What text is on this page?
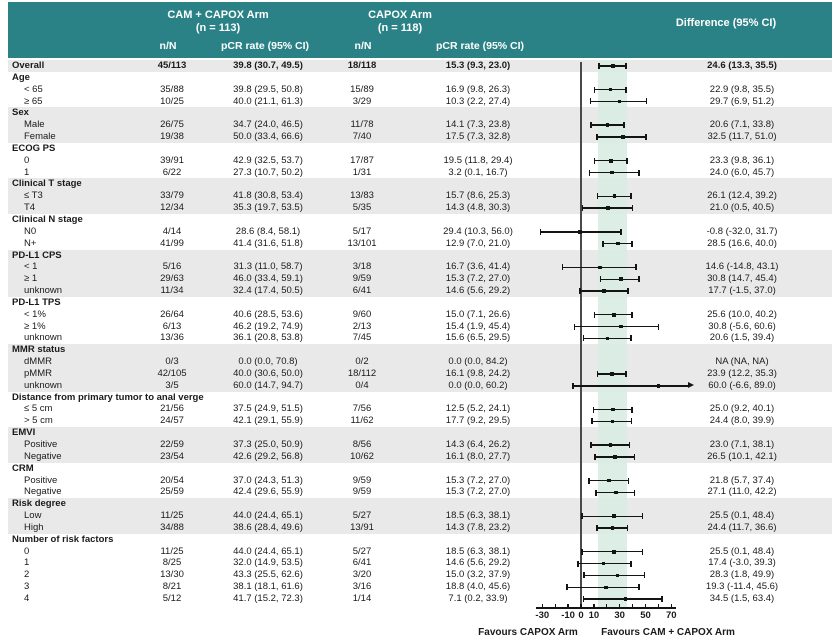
CAM + CAPOX Arm
(n = 113)
CAPOX Arm
(n = 118)
n/N	pCR rate (95% CI)	n/N	pCR rate (95% CI)
Difference (95% CI)
Overall	45/113	39.8 (30.7, 49.5)	18/118	15.3 (9.3, 23.0)	24.6 (13.3, 35.5)
Age
< 65	35/88	39.8 (29.5, 50.8)	15/89	16.9 (9.8, 26.3)	22.9 (9.8, 35.5)
≥ 65	10/25	40.0 (21.1, 61.3)	3/29	10.3 (2.2, 27.4)	29.7 (6.9, 51.2)
Sex
Male	26/75	34.7 (24.0, 46.5)	11/78	14.1 (7.3, 23.8)	20.6 (7.1, 33.8)
Female	19/38	50.0 (33.4, 66.6)	7/40	17.5 (7.3, 32.8)	32.5 (11.7, 51.0)
ECOG PS
0	39/91	42.9 (32.5, 53.7)	17/87	19.5 (11.8, 29.4)	23.3 (9.8, 36.1)
1	6/22	27.3 (10.7, 50.2)	1/31	3.2 (0.1, 16.7)	24.0 (6.0, 45.7)
Clinical T stage
≤ T3	33/79	41.8 (30.8, 53.4)	13/83	15.7 (8.6, 25.3)	26.1 (12.4, 39.2)
T4	12/34	35.3 (19.7, 53.5)	5/35	14.3 (4.8, 30.3)	21.0 (0.5, 40.5)
Clinical N stage
N0	4/14	28.6 (8.4, 58.1)	5/17	29.4 (10.3, 56.0)	-0.8 (-32.0, 31.7)
N+	41/99	41.4 (31.6, 51.8)	13/101	12.9 (7.0, 21.0)	28.5 (16.6, 40.0)
PD-L1 CPS
< 1	5/16	31.3 (11.0, 58.7)	3/18	16.7 (3.6, 41.4)	14.6 (-14.8, 43.1)
≥ 1	29/63	46.0 (33.4, 59.1)	9/59	15.3 (7.2, 27.0)	30.8 (14.7, 45.4)
unknown	11/34	32.4 (17.4, 50.5)	6/41	14.6 (5.6, 29.2)	17.7 (-1.5, 37.0)
PD-L1 TPS
< 1%	26/64	40.6 (28.5, 53.6)	9/60	15.0 (7.1, 26.6)	25.6 (10.0, 40.2)
≥ 1%	6/13	46.2 (19.2, 74.9)	2/13	15.4 (1.9, 45.4)	30.8 (-5.6, 60.6)
unknown	13/36	36.1 (20.8, 53.8)	7/45	15.6 (6.5, 29.5)	20.6 (1.5, 39.4)
MMR status
dMMR	0/3	0.0 (0.0, 70.8)	0/2	0.0 (0.0, 84.2)	NA (NA, NA)
pMMR	42/105	40.0 (30.6, 50.0)	18/112	16.1 (9.8, 24.2)	23.9 (12.2, 35.3)
unknown	3/5	60.0 (14.7, 94.7)	0/4	0.0 (0.0, 60.2)	60.0 (-6.6, 89.0)
Distance from primary tumor to anal verge
≤ 5 cm	21/56	37.5 (24.9, 51.5)	7/56	12.5 (5.2, 24.1)	25.0 (9.2, 40.1)
> 5 cm	24/57	42.1 (29.1, 55.9)	11/62	17.7 (9.2, 29.5)	24.4 (8.0, 39.9)
EMVI
Positive	22/59	37.3 (25.0, 50.9)	8/56	14.3 (6.4, 26.2)	23.0 (7.1, 38.1)
Negative	23/54	42.6 (29.2, 56.8)	10/62	16.1 (8.0, 27.7)	26.5 (10.1, 42.1)
CRM
Positive	20/54	37.0 (24.3, 51.3)	9/59	15.3 (7.2, 27.0)	21.8 (5.7, 37.4)
Negative	25/59	42.4 (29.6, 55.9)	9/59	15.3 (7.2, 27.0)	27.1 (11.0, 42.2)
Risk degree
Low	11/25	44.0 (24.4, 65.1)	5/27	18.5 (6.3, 38.1)	25.5 (0.1, 48.4)
High	34/88	38.6 (28.4, 49.6)	13/91	14.3 (7.8, 23.2)	24.4 (11.7, 36.6)
Number of risk factors
0	11/25	44.0 (24.4, 65.1)	5/27	18.5 (6.3, 38.1)	25.5 (0.1, 48.4)
1	8/25	32.0 (14.9, 53.5)	6/41	14.6 (5.6, 29.2)	17.4 (-3.0, 39.3)
2	13/30	43.3 (25.5, 62.6)	3/20	15.0 (3.2, 37.9)	28.3 (1.8, 49.9)
3	8/21	38.1 (18.1, 61.6)	3/16	18.8 (4.0, 45.6)	19.3 (-11.4, 45.6)
4	5/12	41.7 (15.2, 72.3)	1/14	7.1 (0.2, 33.9)	34.5 (1.5, 63.4)
-30 -10 0 10 30 50 70
Favours CAPOX Arm Favours CAM + CAPOX Arm
